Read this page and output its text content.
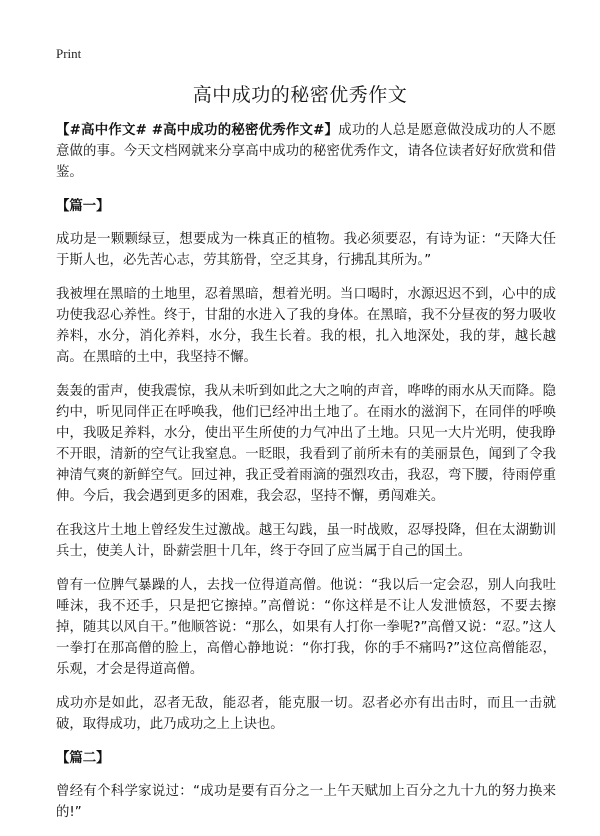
Print
高中成功的秘密优秀作文

【#高中作文# #高中成功的秘密优秀作文#】成功的人总是愿意做没成功的人不愿意做的事。今天文档网就来分享高中成功的秘密优秀作文，请各位读者好好欣赏和借鉴。

【篇一】

成功是一颗颗绿豆，想要成为一株真正的植物。我必须要忍，有诗为证：“天降大任于斯人也，必先苦心志，劳其筋骨，空乏其身，行拂乱其所为。”

我被埋在黑暗的土地里，忍着黑暗，想着光明。当口喝时，水源迟迟不到，心中的成功使我忍心养性。终于，甘甜的水进入了我的身体。在黑暗，我不分昼夜的努力吸收养料，水分，消化养料，水分，我生长着。我的根，扎入地深处，我的芽，越长越高。在黑暗的土中，我坚持不懈。

轰轰的雷声，使我震惊，我从未听到如此之大之响的声音，哗哗的雨水从天而降。隐约中，听见同伴正在呼唤我，他们已经冲出土地了。在雨水的滋润下，在同伴的呼唤中，我吸足养料，水分，使出平生所使的力气冲出了土地。只见一大片光明，使我睁不开眼，清新的空气让我窒息。一眨眼，我看到了前所未有的美丽景色，闻到了令我神清气爽的新鲜空气。回过神，我正受着雨滴的强烈攻击，我忍，弯下腰，待雨停重伸。今后，我会遇到更多的困难，我会忍，坚持不懈，勇闯难关。

在我这片土地上曾经发生过激战。越王勾践，虽一时战败，忍辱投降，但在太湖勤训兵士，使美人计，卧薪尝胆十几年，终于夺回了应当属于自己的国土。

曾有一位脾气暴躁的人，去找一位得道高僧。他说：“我以后一定会忍，别人向我吐唾沫，我不还手，只是把它擦掉。”高僧说：“你这样是不让人发泄愤怒，不要去擦掉，随其以风自干。”他顺答说：“那么，如果有人打你一拳呢?”高僧又说：“忍。”这人一拳打在那高僧的脸上，高僧心静地说：“你打我，你的手不痛吗?”这位高僧能忍，乐观，才会是得道高僧。

成功亦是如此，忍者无敌，能忍者，能克服一切。忍者必亦有出击时，而且一击就破，取得成功，此乃成功之上上诀也。

【篇二】

曾经有个科学家说过：“成功是要有百分之一上午天赋加上百分之九十九的努力换来的!”
